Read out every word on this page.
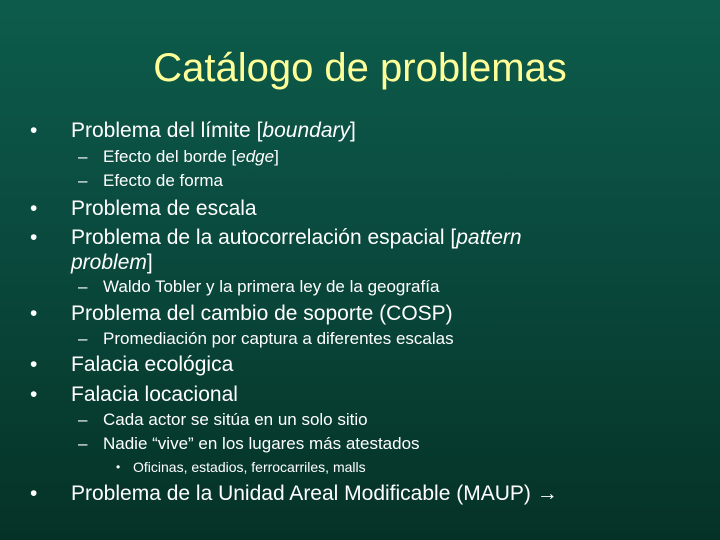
Catálogo de problemas
• Problema del límite [boundary]
– Efecto del borde [edge]
– Efecto de forma
• Problema de escala
• Problema de la autocorrelación espacial [pattern
problem]
– Waldo Tobler y la primera ley de la geografía
• Problema del cambio de soporte (COSP)
– Promediación por captura a diferentes escalas
• Falacia ecológica
• Falacia locacional
– Cada actor se sitúa en un solo sitio
– Nadie “vive” en los lugares más atestados
• Oficinas, estadios, ferrocarriles, malls
• Problema de la Unidad Areal Modificable (MAUP) →
